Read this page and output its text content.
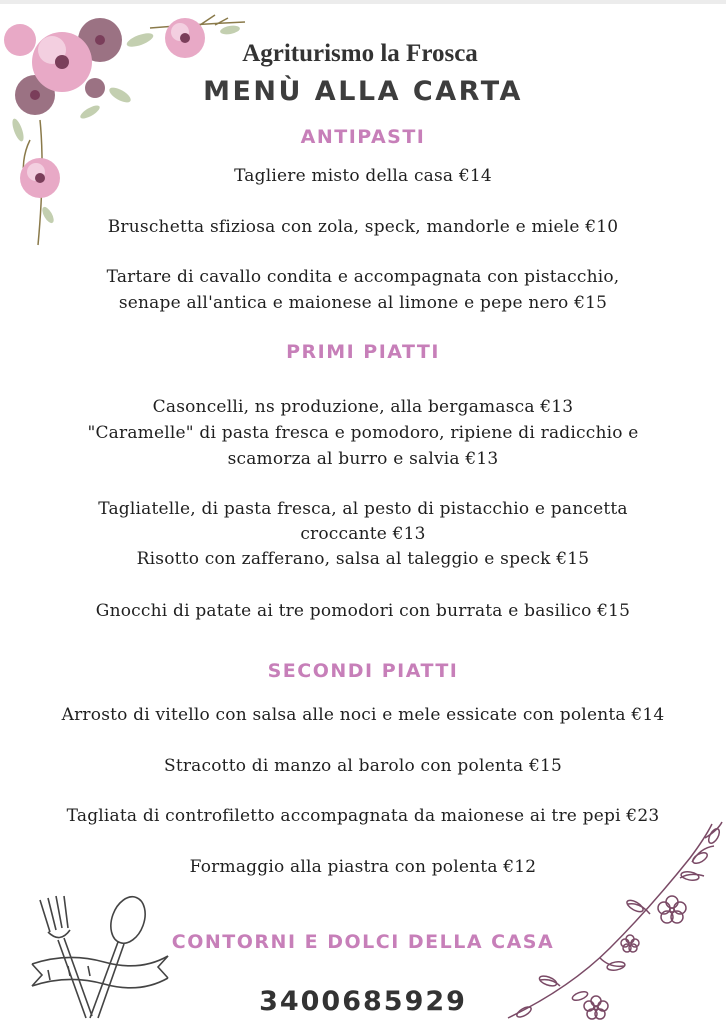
Agriturismo la Frosca
MENÙ ALLA CARTA
ANTIPASTI
Tagliere misto della casa €14
Bruschetta sfiziosa con zola, speck, mandorle e miele €10
Tartare di cavallo condita e accompagnata con pistacchio,
senape all'antica e maionese al limone e pepe nero €15
PRIMI PIATTI
Casoncelli, ns produzione, alla bergamasca €13
"Caramelle" di pasta fresca e pomodoro, ripiene di radicchio e
scamorza al burro e salvia €13
Tagliatelle, di pasta fresca, al pesto di pistacchio e pancetta
croccante €13
Risotto con zafferano, salsa al taleggio e speck €15
Gnocchi di patate ai tre pomodori con burrata e basilico €15
SECONDI PIATTI
Arrosto di vitello con salsa alle noci e mele essicate con polenta €14
Stracotto di manzo al barolo con polenta €15
Tagliata di controfiletto accompagnata da maionese ai tre pepi €23
Formaggio alla piastra con polenta €12
CONTORNI E DOLCI DELLA CASA
3400685929
